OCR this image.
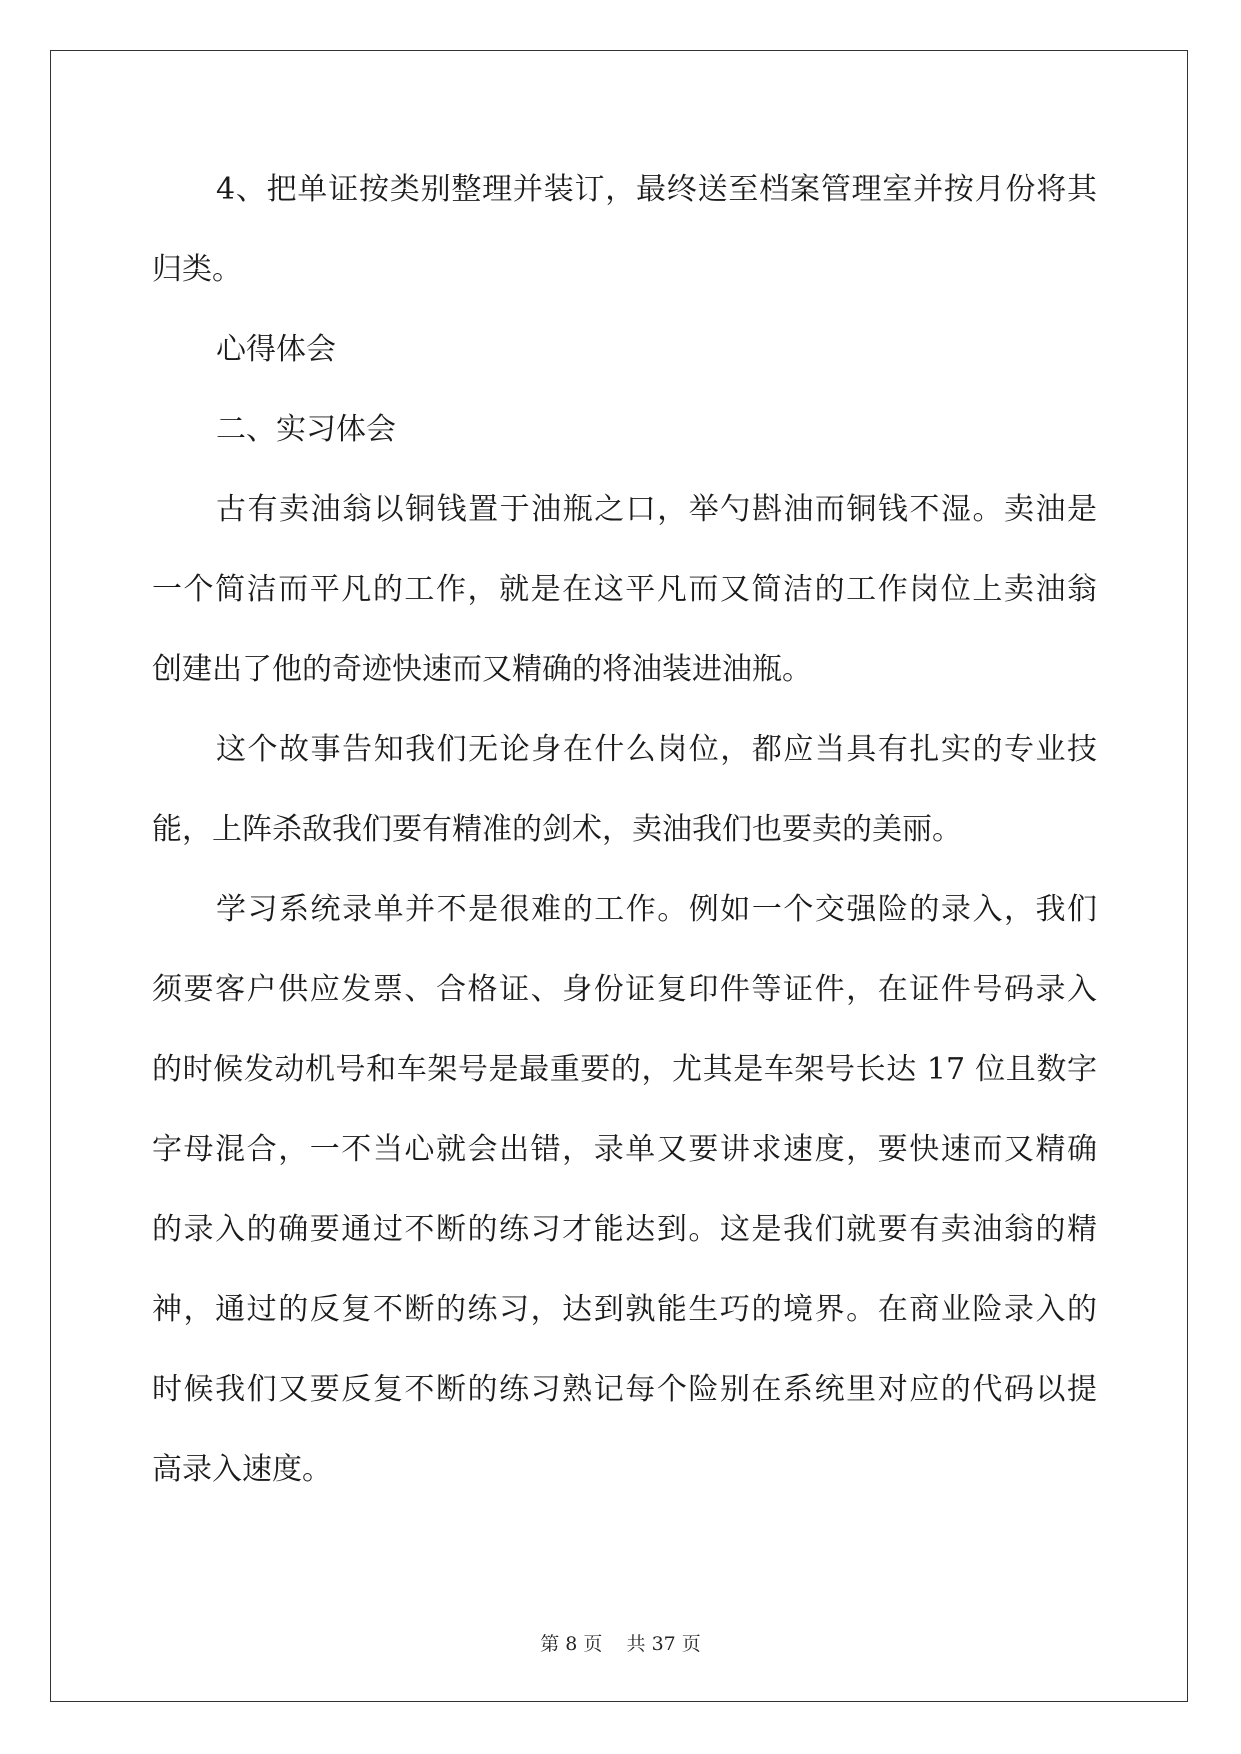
4、把单证按类别整理并装订，最终送至档案管理室并按月份将其
归类。
心得体会
二、实习体会
古有卖油翁以铜钱置于油瓶之口，举勺斟油而铜钱不湿。卖油是
一个简洁而平凡的工作，就是在这平凡而又简洁的工作岗位上卖油翁
创建出了他的奇迹快速而又精确的将油装进油瓶。
这个故事告知我们无论身在什么岗位，都应当具有扎实的专业技
能，上阵杀敌我们要有精准的剑术，卖油我们也要卖的美丽。
学习系统录单并不是很难的工作。例如一个交强险的录入，我们
须要客户供应发票、合格证、身份证复印件等证件，在证件号码录入
的时候发动机号和车架号是最重要的，尤其是车架号长达 17 位且数字
字母混合，一不当心就会出错，录单又要讲求速度，要快速而又精确
的录入的确要通过不断的练习才能达到。这是我们就要有卖油翁的精
神，通过的反复不断的练习，达到孰能生巧的境界。在商业险录入的
时候我们又要反复不断的练习熟记每个险别在系统里对应的代码以提
高录入速度。
第 8 页 共 37 页
